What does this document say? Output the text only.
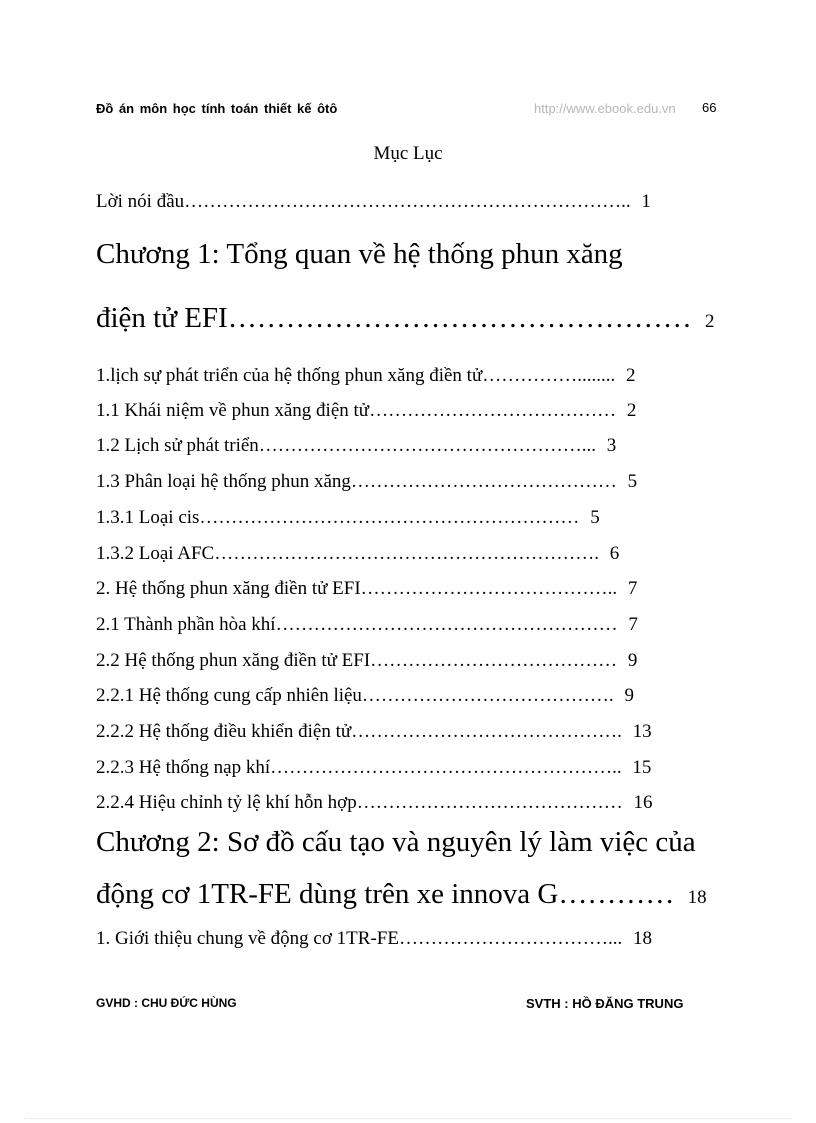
Đồ án môn học tính toán thiết kế ôtô	http://www.ebook.edu.vn 66
Mục Lục
Lời nói đầu…………………………………………………………….. 1
Chương 1: Tổng quan về hệ thống phun xăng
điện tử EFI………………………………………… 2
1.lịch sự phát triển của hệ thống phun xăng điền tử……………........ 2
1.1 Khái niệm về phun xăng điện tử………………………………… 2
1.2 Lịch sử phát triển……………………………………………... 3
1.3 Phân loại hệ thống phun xăng…………………………………… 5
1.3.1 Loại cis…………………………………………………… 5
1.3.2 Loại AFC……………………………………………………. 6
2. Hệ thống phun xăng điền tử EFI………………………………….. 7
2.1 Thành phần hòa khí……………………………………………… 7
2.2 Hệ thống phun xăng điền tử EFI………………………………… 9
2.2.1 Hệ thống cung cấp nhiên liệu…………………………………. 9
2.2.2 Hệ thống điều khiển điện tử……………………………………. 13
2.2.3 Hệ thống nạp khí……………………………………………….. 15
2.2.4 Hiệu chỉnh tỷ lệ khí hỗn hợp…………………………………… 16
Chương 2: Sơ đồ cấu tạo và nguyên lý làm việc của
động cơ 1TR-FE dùng trên xe innova G………… 18
1. Giới thiệu chung về động cơ 1TR-FE……………………………... 18
GVHD : CHU ĐỨC HÙNG	SVTH : HỒ ĐĂNG TRUNG
